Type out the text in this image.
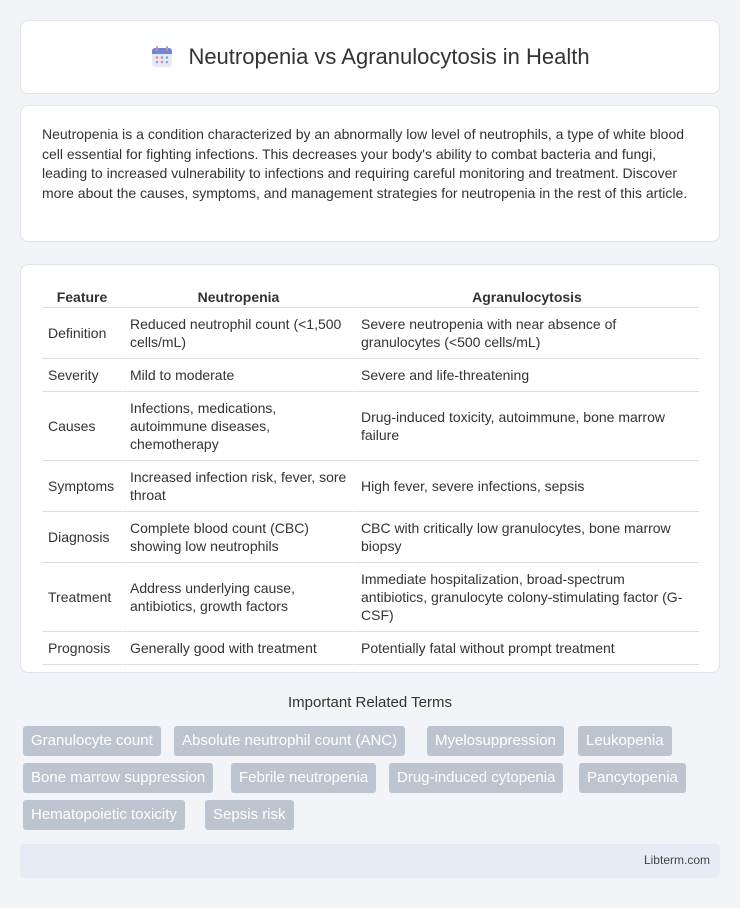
Neutropenia vs Agranulocytosis in Health

Neutropenia is a condition characterized by an abnormally low level of neutrophils, a type of white blood cell essential for fighting infections. This decreases your body's ability to combat bacteria and fungi, leading to increased vulnerability to infections and requiring careful monitoring and treatment. Discover more about the causes, symptoms, and management strategies for neutropenia in the rest of this article.

Feature	Neutropenia	Agranulocytosis
Definition	Reduced neutrophil count (<1,500 cells/mL)	Severe neutropenia with near absence of granulocytes (<500 cells/mL)
Severity	Mild to moderate	Severe and life-threatening
Causes	Infections, medications, autoimmune diseases, chemotherapy	Drug-induced toxicity, autoimmune, bone marrow failure
Symptoms	Increased infection risk, fever, sore throat	High fever, severe infections, sepsis
Diagnosis	Complete blood count (CBC) showing low neutrophils	CBC with critically low granulocytes, bone marrow biopsy
Treatment	Address underlying cause, antibiotics, growth factors	Immediate hospitalization, broad-spectrum antibiotics, granulocyte colony-stimulating factor (G-CSF)
Prognosis	Generally good with treatment	Potentially fatal without prompt treatment
Important Related Terms
Granulocyte count	Absolute neutrophil count (ANC)	Myelosuppression	Leukopenia
Bone marrow suppression	Febrile neutropenia	Drug-induced cytopenia	Pancytopenia
Hematopoietic toxicity	Sepsis risk
Libterm.com
